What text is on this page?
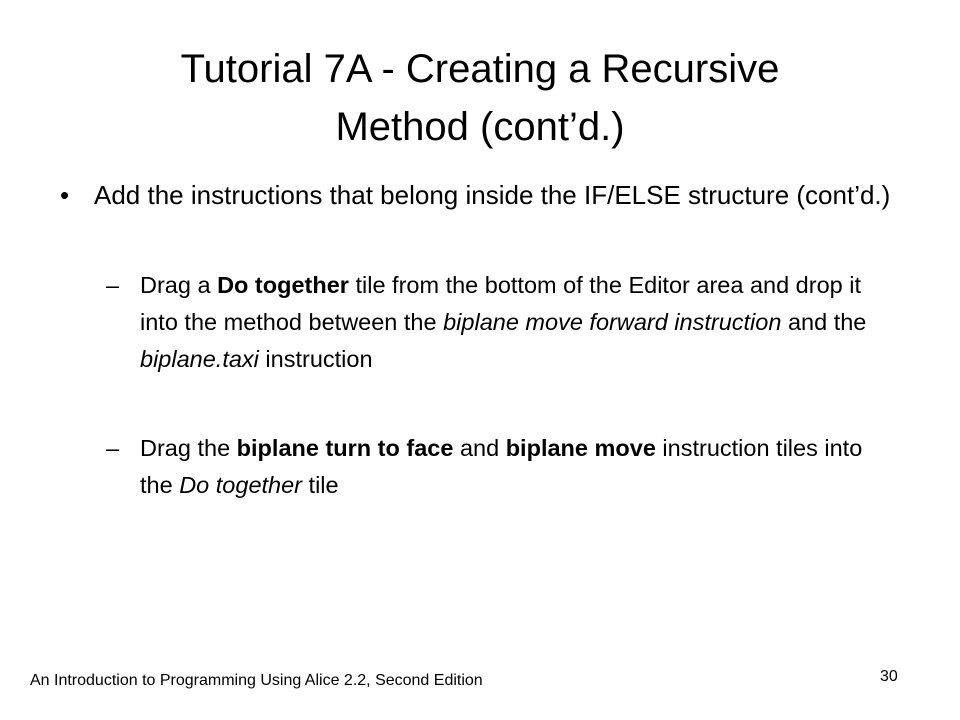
Tutorial 7A - Creating a Recursive
Method (cont’d.)
• Add the instructions that belong inside the IF/ELSE structure (cont’d.)
– Drag a Do together tile from the bottom of the Editor area and drop it into the method between the biplane move forward instruction and the biplane.taxi instruction
– Drag the biplane turn to face and biplane move instruction tiles into the Do together tile
An Introduction to Programming Using Alice 2.2, Second Edition	30
